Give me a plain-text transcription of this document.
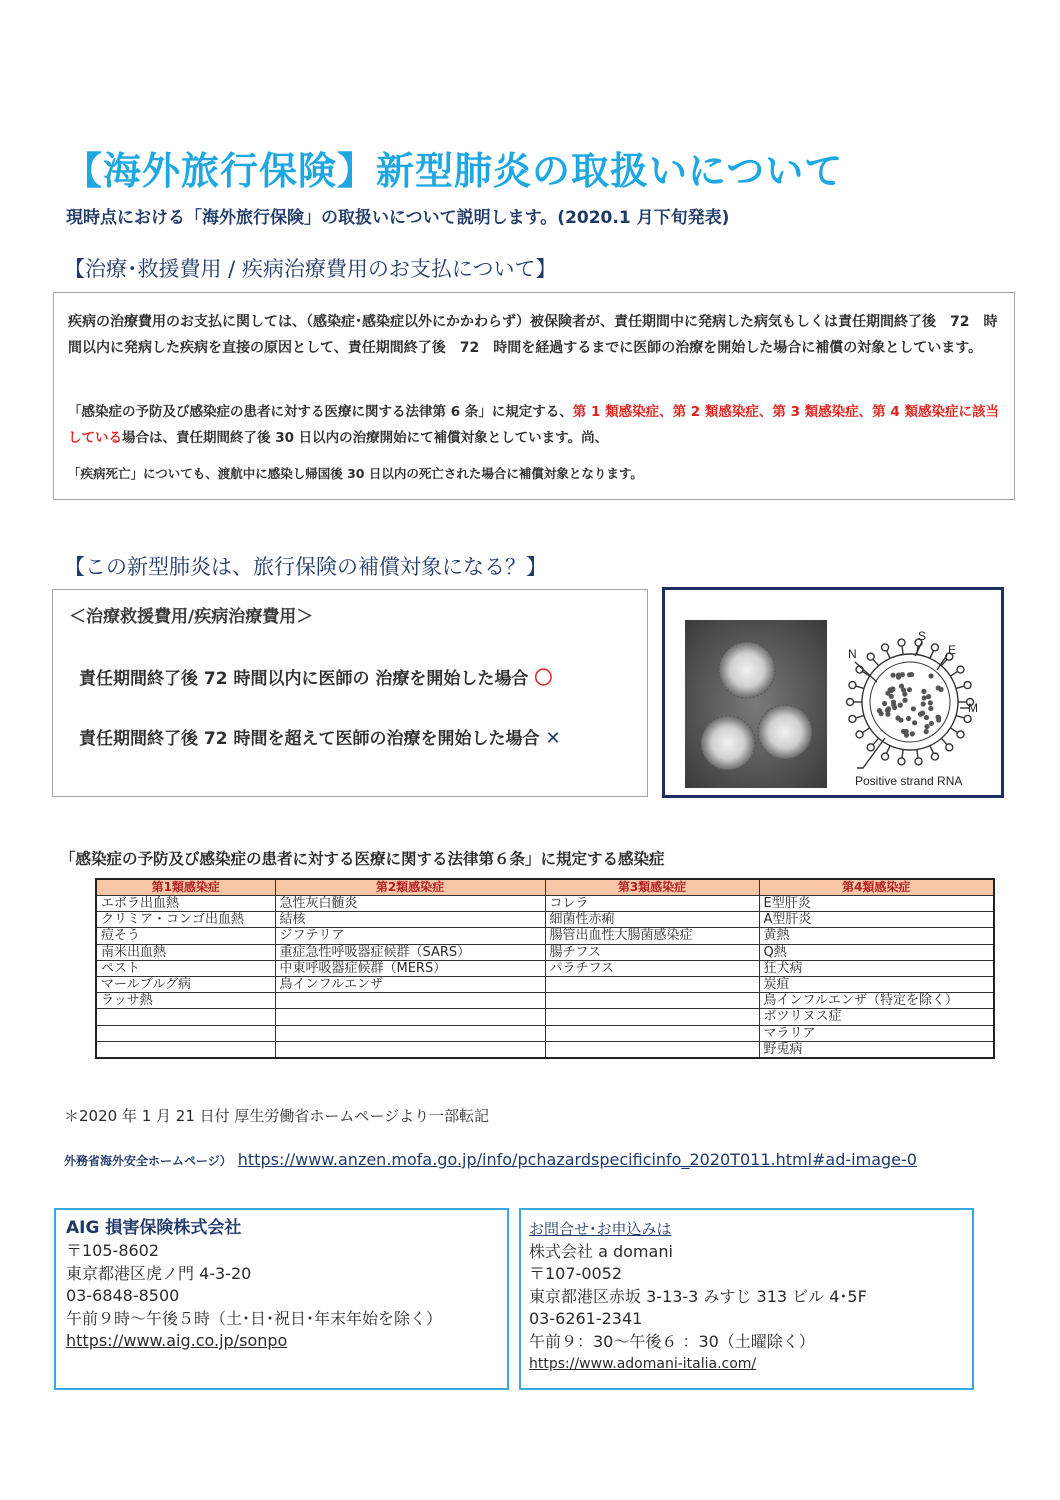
【海外旅行保険】新型肺炎の取扱いについて
現時点における「海外旅行保険」の取扱いについて説明します。(2020.1 月下旬発表)
【治療･救援費用 / 疾病治療費用のお支払について】
疾病の治療費用のお支払に関しては、（感染症･感染症以外にかかわらず）被保険者が、責任期間中に発病した病気もしくは責任期間終了後　72　時間以内に発病した疾病を直接の原因として、責任期間終了後　72　時間を経過するまでに医師の治療を開始した場合に補償の対象としています。
「感染症の予防及び感染症の患者に対する医療に関する法律第 6 条」に規定する、第 1 類感染症、第 2 類感染症、第 3 類感染症、第 4 類感染症に該当している場合は、責任期間終了後 30 日以内の治療開始にて補償対象としています。尚、
「疾病死亡」についても、渡航中に感染し帰国後 30 日以内の死亡された場合に補償対象となります。
【この新型肺炎は、旅行保険の補償対象になる？】
＜治療救援費用/疾病治療費用＞
責任期間終了後 72 時間以内に医師の 治療を開始した場合 〇
責任期間終了後 72 時間を超えて医師の治療を開始した場合 ✕
N
S
E
M
Positive strand RNA
「感染症の予防及び感染症の患者に対する医療に関する法律第６条」に規定する感染症
第1類感染症	第2類感染症	第3類感染症	第4類感染症
エボラ出血熱	急性灰白髄炎	コレラ	E型肝炎
クリミア・コンゴ出血熱	結核	細菌性赤痢	A型肝炎
痘そう	ジフテリア	腸管出血性大腸菌感染症	黄熱
南米出血熱	重症急性呼吸器症候群（SARS）	腸チフス	Q熱
ペスト	中東呼吸器症候群（MERS）	パラチフス	狂犬病
マールブルグ病	鳥インフルエンザ		炭疽
ラッサ熱			鳥インフルエンザ（特定を除く）
			ボツリヌス症
			マラリア
			野兎病
＊2020 年 1 月 21 日付 厚生労働省ホームページより一部転記
外務省海外安全ホームページ） https://www.anzen.mofa.go.jp/info/pchazardspecificinfo_2020T011.html#ad-image-0
AIG 損害保険株式会社
〒105-8602
東京都港区虎ノ門 4-3-20
03-6848-8500
午前９時～午後５時（土･日･祝日･年末年始を除く）
https://www.aig.co.jp/sonpo
お問合せ･お申込みは
株式会社 a domani
〒107-0052
東京都港区赤坂 3-13-3 みすじ 313 ビル 4･5F
03-6261-2341
午前９：30～午後６ ：30（土曜除く）
https://www.adomani-italia.com/
